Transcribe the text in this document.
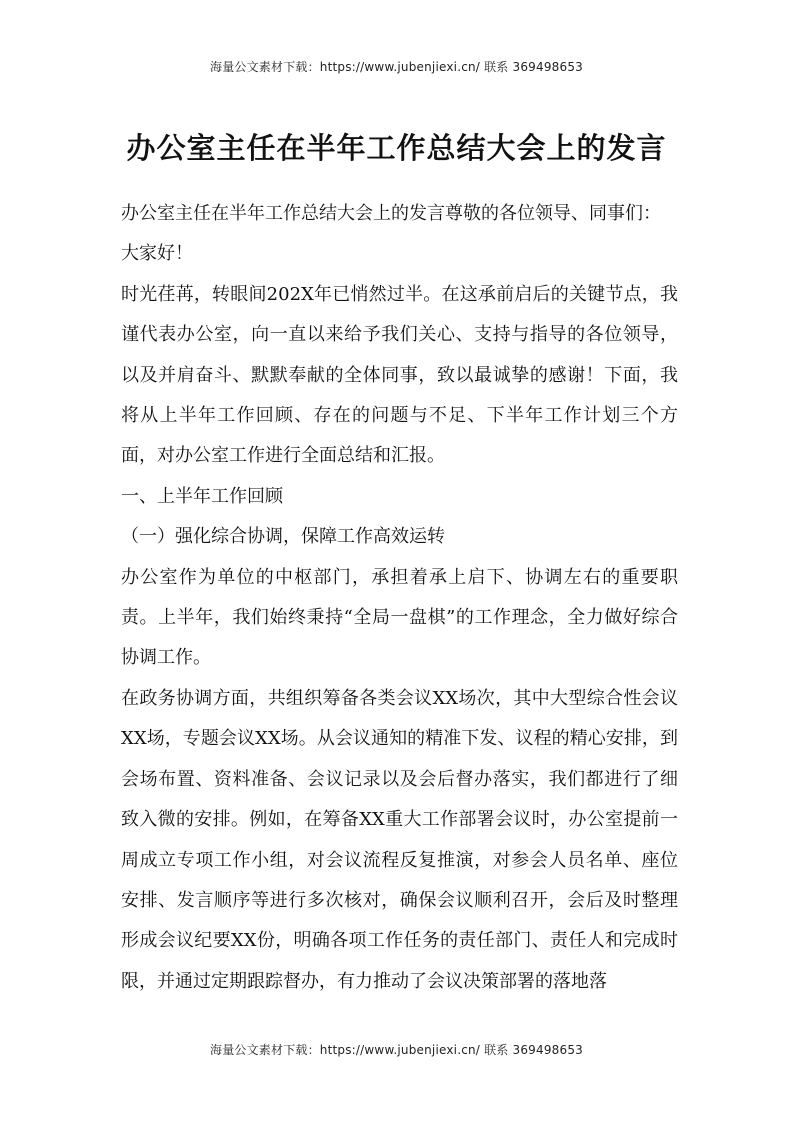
海量公文素材下载：https://www.jubenjiexi.cn/ 联系 369498653
办公室主任在半年工作总结大会上的发言

办公室主任在半年工作总结大会上的发言尊敬的各位领导、同事们：

大家好！

时光荏苒，转眼间202X年已悄然过半。在这承前启后的关键节点，我谨代表办公室，向一直以来给予我们关心、支持与指导的各位领导，以及并肩奋斗、默默奉献的全体同事，致以最诚挚的感谢！下面，我将从上半年工作回顾、存在的问题与不足、下半年工作计划三个方面，对办公室工作进行全面总结和汇报。

一、上半年工作回顾

（一）强化综合协调，保障工作高效运转

办公室作为单位的中枢部门，承担着承上启下、协调左右的重要职责。上半年，我们始终秉持“全局一盘棋”的工作理念，全力做好综合协调工作。

在政务协调方面，共组织筹备各类会议XX场次，其中大型综合性会议XX场，专题会议XX场。从会议通知的精准下发、议程的精心安排，到会场布置、资料准备、会议记录以及会后督办落实，我们都进行了细致入微的安排。例如，在筹备XX重大工作部署会议时，办公室提前一周成立专项工作小组，对会议流程反复推演，对参会人员名单、座位安排、发言顺序等进行多次核对，确保会议顺利召开，会后及时整理形成会议纪要XX份，明确各项工作任务的责任部门、责任人和完成时限，并通过定期跟踪督办，有力推动了会议决策部署的落地落

海量公文素材下载：https://www.jubenjiexi.cn/ 联系 369498653
